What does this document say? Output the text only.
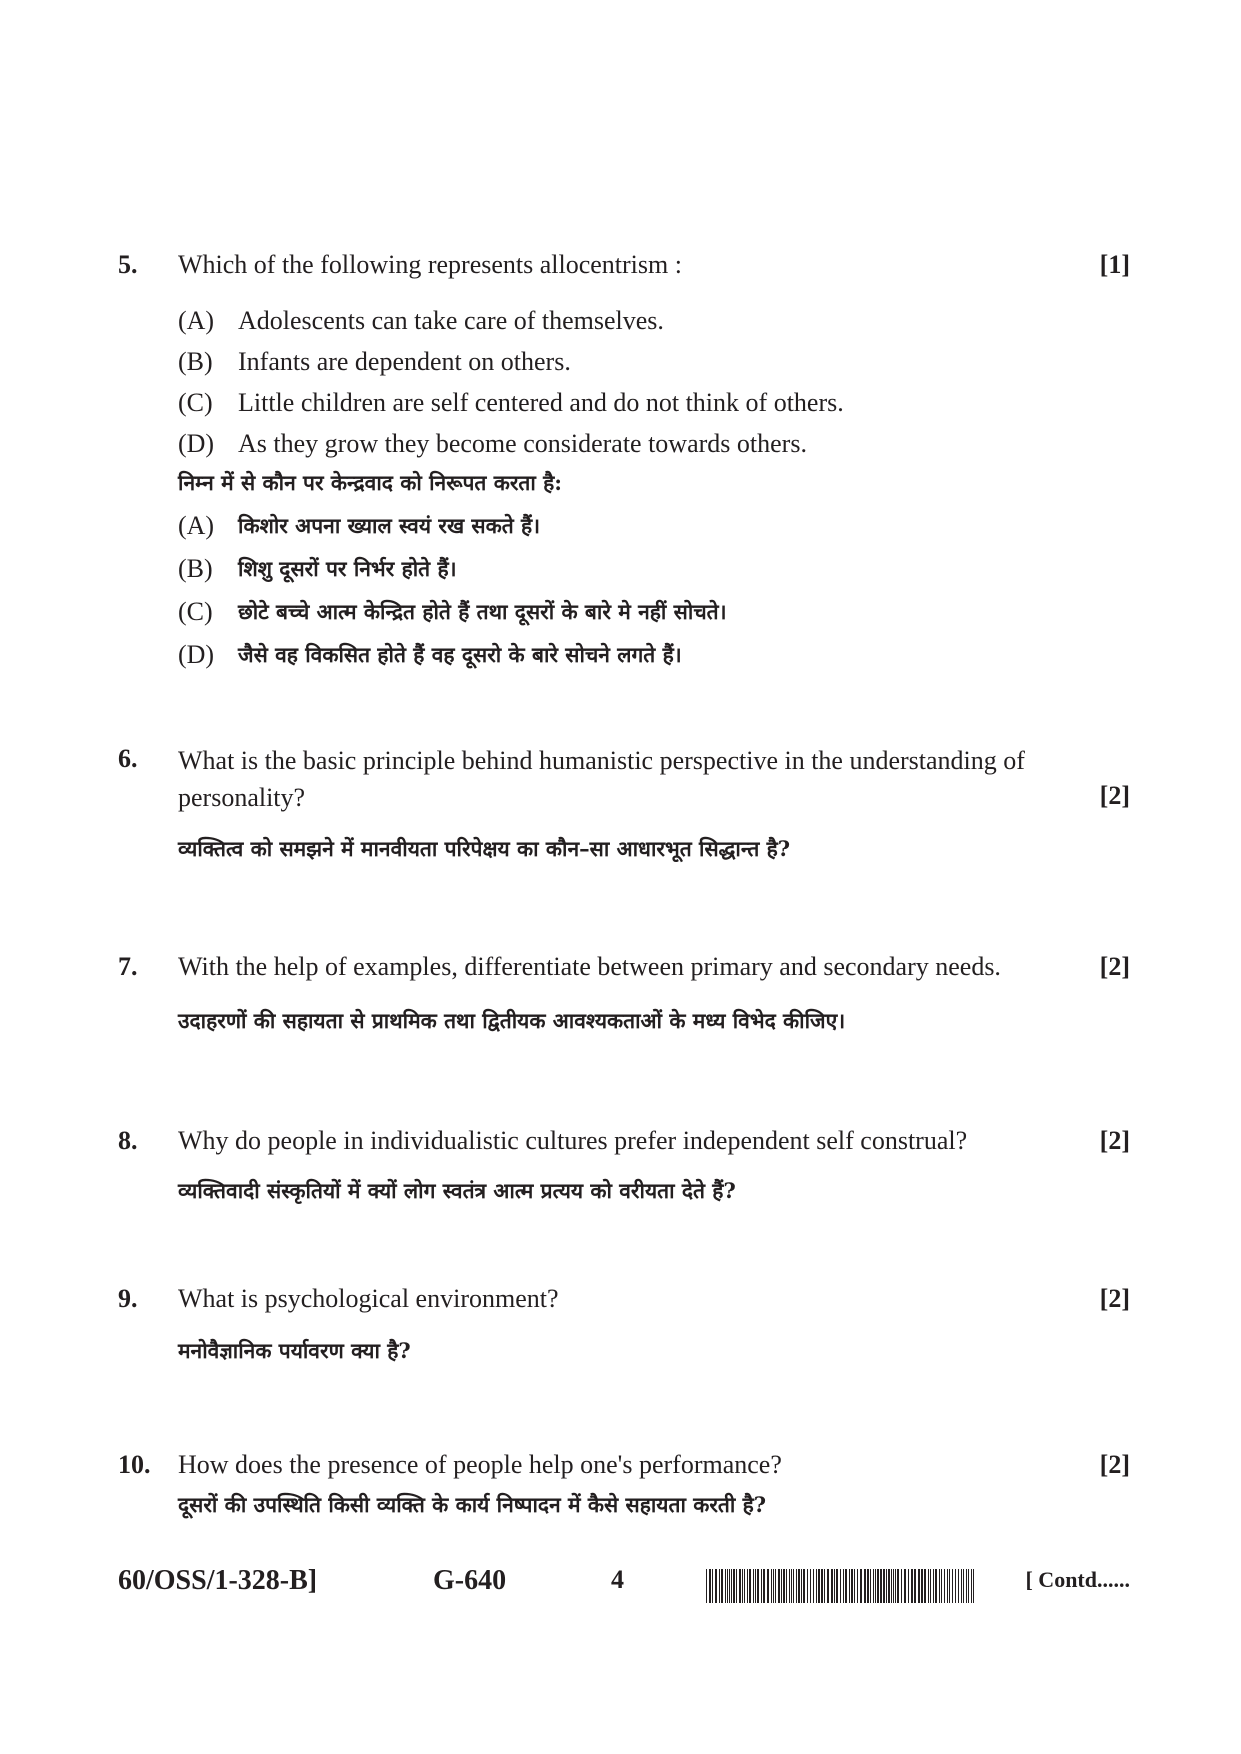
5.	[1]
Which of the following represents allocentrism :
(A) Adolescents can take care of themselves.
(B) Infants are dependent on others.
(C) Little children are self centered and do not think of others.
(D) As they grow they become considerate towards others.
निम्न में से कौन पर केन्द्रवाद को निरूपत करता है:
(A)	किशोर अपना ख्याल स्वयं रख सकते हैं।
(B)	शिशु दूसरों पर निर्भर होते हैं।
(C)	छोटे बच्चे आत्म केन्द्रित होते हैं तथा दूसरों के बारे मे नहीं सोचते।
(D)	जैसे वह विकसित होते हैं वह दूसरो के बारे सोचने लगते हैं।
6.
[2]
What is the basic principle behind humanistic perspective in the understanding of
personality?
व्यक्तित्व को समझने में मानवीयता परिपेक्षय का कौन–सा आधारभूत सिद्धान्त है?
7.	[2]
With the help of examples, differentiate between primary and secondary needs.
उदाहरणों की सहायता से प्राथमिक तथा द्वितीयक आवश्यकताओं के मध्य विभेद कीजिए।
8.	[2]
Why do people in individualistic cultures prefer independent self construal?
व्यक्तिवादी संस्कृतियों में क्यों लोग स्वतंत्र आत्म प्रत्यय को वरीयता देते हैं?
9.	[2]
What is psychological environment?
मनोवैज्ञानिक पर्यावरण क्या है?
10.	[2]
How does the presence of people help one's performance?
दूसरों की उपस्थिति किसी व्यक्ति के कार्य निष्पादन में कैसे सहायता करती है?
60/OSS/1-328-B]	G-640	4	[ Contd......
